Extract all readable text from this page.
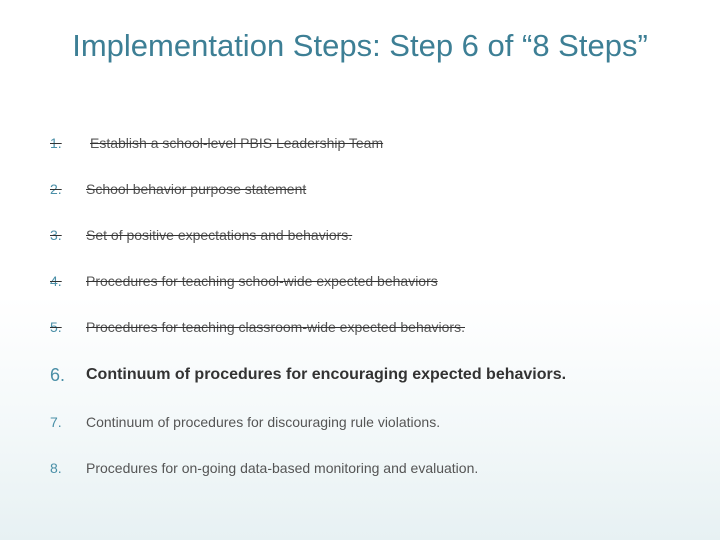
Implementation Steps: Step 6 of “8 Steps”
1. Establish a school-level PBIS Leadership Team
2. School behavior purpose statement
3. Set of positive expectations and behaviors.
4. Procedures for teaching school-wide expected behaviors
5. Procedures for teaching classroom-wide expected behaviors.
6. Continuum of procedures for encouraging expected behaviors.
7. Continuum of procedures for discouraging rule violations.
8. Procedures for on-going data-based monitoring and evaluation.
